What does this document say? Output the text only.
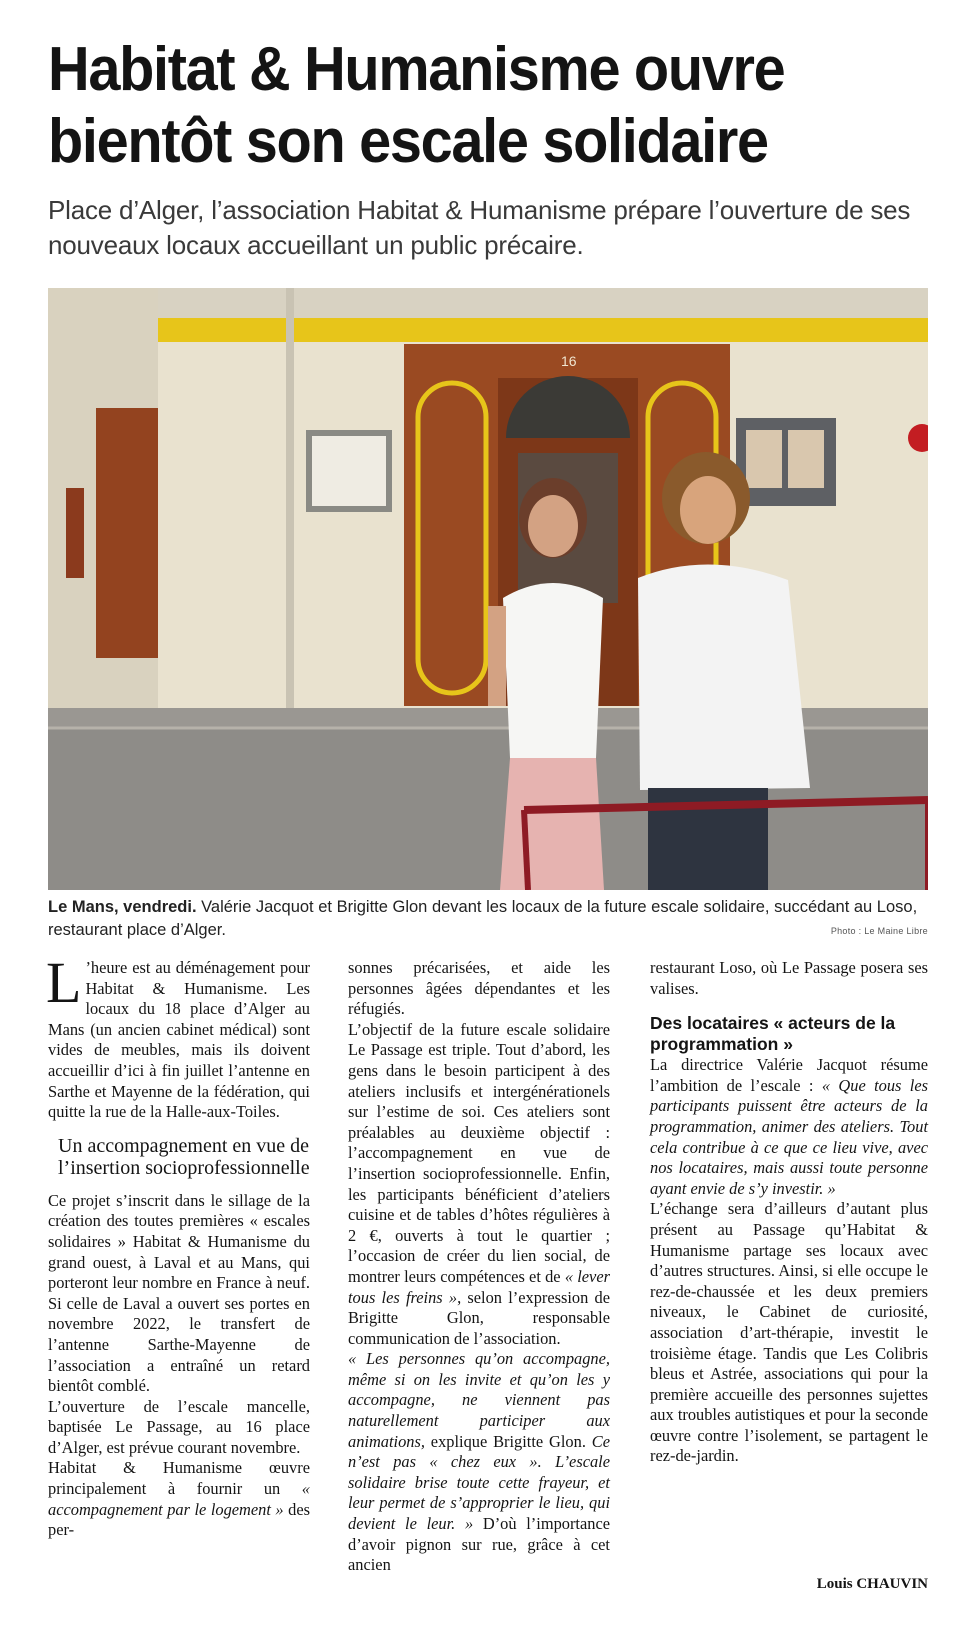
Habitat & Humanisme ouvre bientôt son escale solidaire

Place d’Alger, l’association Habitat & Humanisme prépare l’ouverture de ses nouveaux locaux accueillant un public précaire.

16

Le Mans, vendredi. Valérie Jacquot et Brigitte Glon devant les locaux de la future escale solidaire, succédant au Loso, restaurant place d’Alger.	Photo : Le Maine Libre

L ’heure est au déménagement pour Habitat & Humanisme. Les locaux du 18 place d’Alger au Mans (un ancien cabinet médical) sont vides de meubles, mais ils doivent accueillir d’ici à fin juillet l’antenne en Sarthe et Mayenne de la fédération, qui quitte la rue de la Halle-aux-Toiles.

Un accompagnement en vue de l’insertion socioprofessionnelle

Ce projet s’inscrit dans le sillage de la création des toutes premières « escales solidaires » Habitat & Humanisme du grand ouest, à Laval et au Mans, qui porteront leur nombre en France à neuf. Si celle de Laval a ouvert ses portes en novembre 2022, le transfert de l’antenne Sarthe-Mayenne de l’association a entraîné un retard bientôt comblé.

L’ouverture de l’escale mancelle, baptisée Le Passage, au 16 place d’Alger, est prévue courant novembre.

Habitat & Humanisme œuvre principalement à fournir un « accompagnement par le logement » des per-

sonnes précarisées, et aide les personnes âgées dépendantes et les réfugiés.

L’objectif de la future escale solidaire Le Passage est triple. Tout d’abord, les gens dans le besoin participent à des ateliers inclusifs et intergénérationels sur l’estime de soi. Ces ateliers sont préalables au deuxième objectif : l’accompagnement en vue de l’insertion socioprofessionnelle. Enfin, les participants bénéficient d’ateliers cuisine et de tables d’hôtes régulières à 2 €, ouverts à tout le quartier ; l’occasion de créer du lien social, de montrer leurs compétences et de « lever tous les freins », selon l’expression de Brigitte Glon, responsable communication de l’association.

« Les personnes qu’on accompagne, même si on les invite et qu’on les y accompagne, ne viennent pas naturellement participer aux animations, explique Brigitte Glon. Ce n’est pas « chez eux ». L’escale solidaire brise toute cette frayeur, et leur permet de s’approprier le lieu, qui devient le leur. » D’où l’importance d’avoir pignon sur rue, grâce à cet ancien

restaurant Loso, où Le Passage posera ses valises.

Des locataires « acteurs de la programmation »

La directrice Valérie Jacquot résume l’ambition de l’escale : « Que tous les participants puissent être acteurs de la programmation, animer des ateliers. Tout cela contribue à ce que ce lieu vive, avec nos locataires, mais aussi toute personne ayant envie de s’y investir. »

L’échange sera d’ailleurs d’autant plus présent au Passage qu’Habitat & Humanisme partage ses locaux avec d’autres structures. Ainsi, si elle occupe le rez-de-chaussée et les deux premiers niveaux, le Cabinet de curiosité, association d’art-thérapie, investit le troisième étage. Tandis que Les Colibris bleus et Astrée, associations qui pour la première accueille des personnes sujettes aux troubles autistiques et pour la seconde œuvre contre l’isolement, se partagent le rez-de-jardin.

Louis CHAUVIN
